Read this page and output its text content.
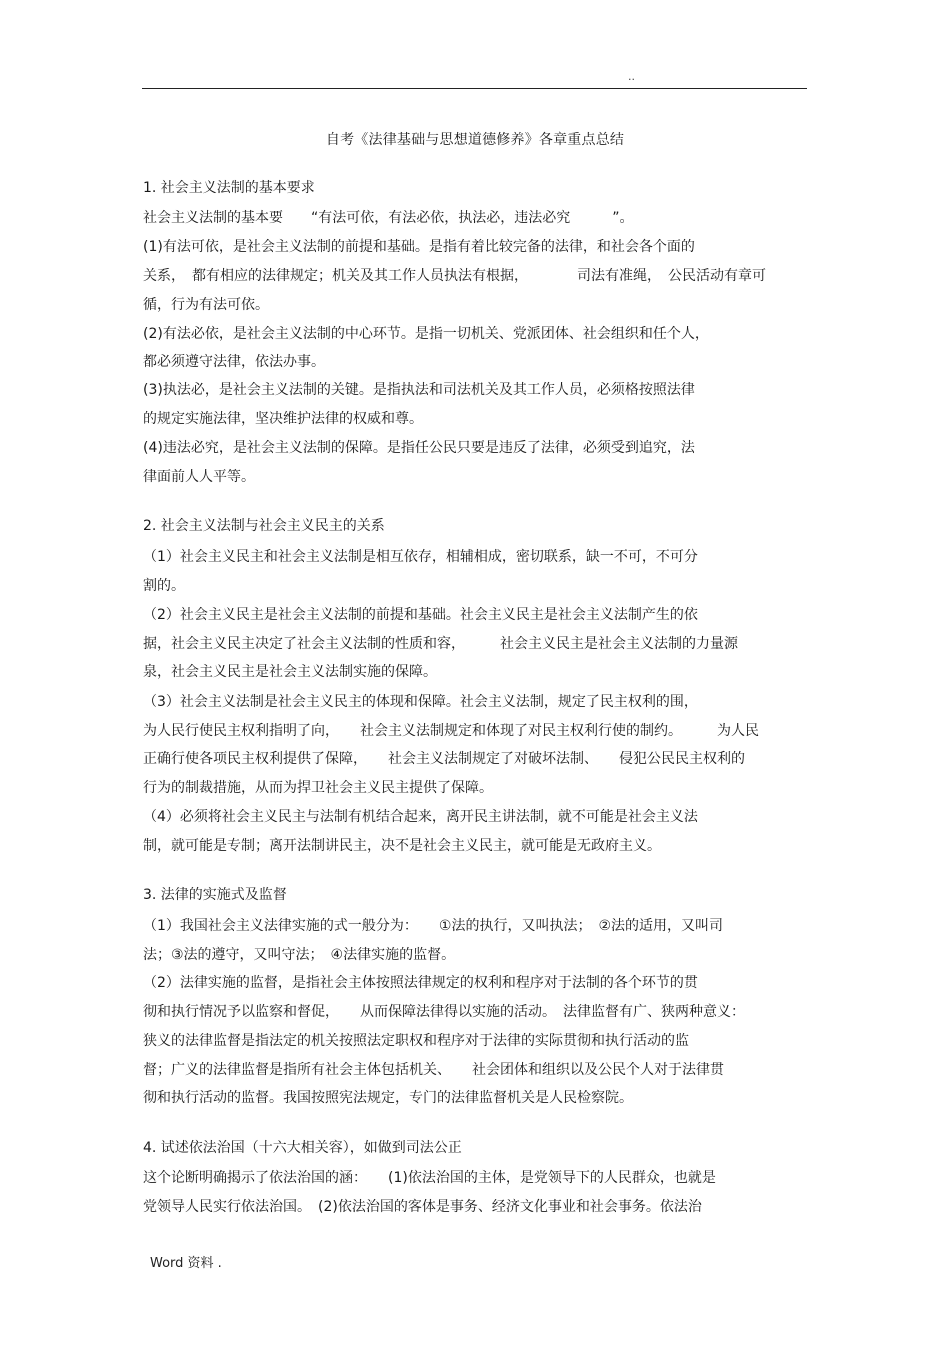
..
自考《法律基础与思想道德修养》各章重点总结
1. 社会主义法制的基本要求
社会主义法制的基本要　　“有法可依，有法必依，执法必，违法必究　　　”。
(1)有法可依，是社会主义法制的前提和基础。是指有着比较完备的法律，和社会各个面的
关系，　都有相应的法律规定；机关及其工作人员执法有根据，　　　　司法有准绳，　公民活动有章可
循，行为有法可依。
(2)有法必依，是社会主义法制的中心环节。是指一切机关、党派团体、社会组织和任个人，
都必须遵守法律，依法办事。
(3)执法必，是社会主义法制的关键。是指执法和司法机关及其工作人员，必须格按照法律
的规定实施法律，坚决维护法律的权威和尊。
(4)违法必究，是社会主义法制的保障。是指任公民只要是违反了法律，必须受到追究，法
律面前人人平等。
2. 社会主义法制与社会主义民主的关系
（1）社会主义民主和社会主义法制是相互依存，相辅相成，密切联系，缺一不可，不可分
割的。
（2）社会主义民主是社会主义法制的前提和基础。社会主义民主是社会主义法制产生的依
据，社会主义民主决定了社会主义法制的性质和容，　　　社会主义民主是社会主义法制的力量源
泉，社会主义民主是社会主义法制实施的保障。
（3）社会主义法制是社会主义民主的体现和保障。社会主义法制，规定了民主权利的围，
为人民行使民主权利指明了向，　　社会主义法制规定和体现了对民主权利行使的制约。　　　为人民
正确行使各项民主权利提供了保障，　　社会主义法制规定了对破坏法制、　　侵犯公民民主权利的
行为的制裁措施，从而为捍卫社会主义民主提供了保障。
（4）必须将社会主义民主与法制有机结合起来，离开民主讲法制，就不可能是社会主义法
制，就可能是专制；离开法制讲民主，决不是社会主义民主，就可能是无政府主义。
3. 法律的实施式及监督
（1）我国社会主义法律实施的式一般分为：　　①法的执行，又叫执法；　②法的适用，又叫司
法；③法的遵守，又叫守法；　④法律实施的监督。
（2）法律实施的监督，是指社会主体按照法律规定的权利和程序对于法制的各个环节的贯
彻和执行情况予以监察和督促，　　从而保障法律得以实施的活动。　法律监督有广、狭两种意义：
狭义的法律监督是指法定的机关按照法定职权和程序对于法律的实际贯彻和执行活动的监
督；广义的法律监督是指所有社会主体包括机关、　　社会团体和组织以及公民个人对于法律贯
彻和执行活动的监督。我国按照宪法规定，专门的法律监督机关是人民检察院。
4. 试述依法治国（十六大相关容），如做到司法公正
这个论断明确揭示了依法治国的涵：　　(1)依法治国的主体，是党领导下的人民群众，也就是
党领导人民实行依法治国。　(2)依法治国的客体是事务、经济文化事业和社会事务。依法治
Word 资料 .
